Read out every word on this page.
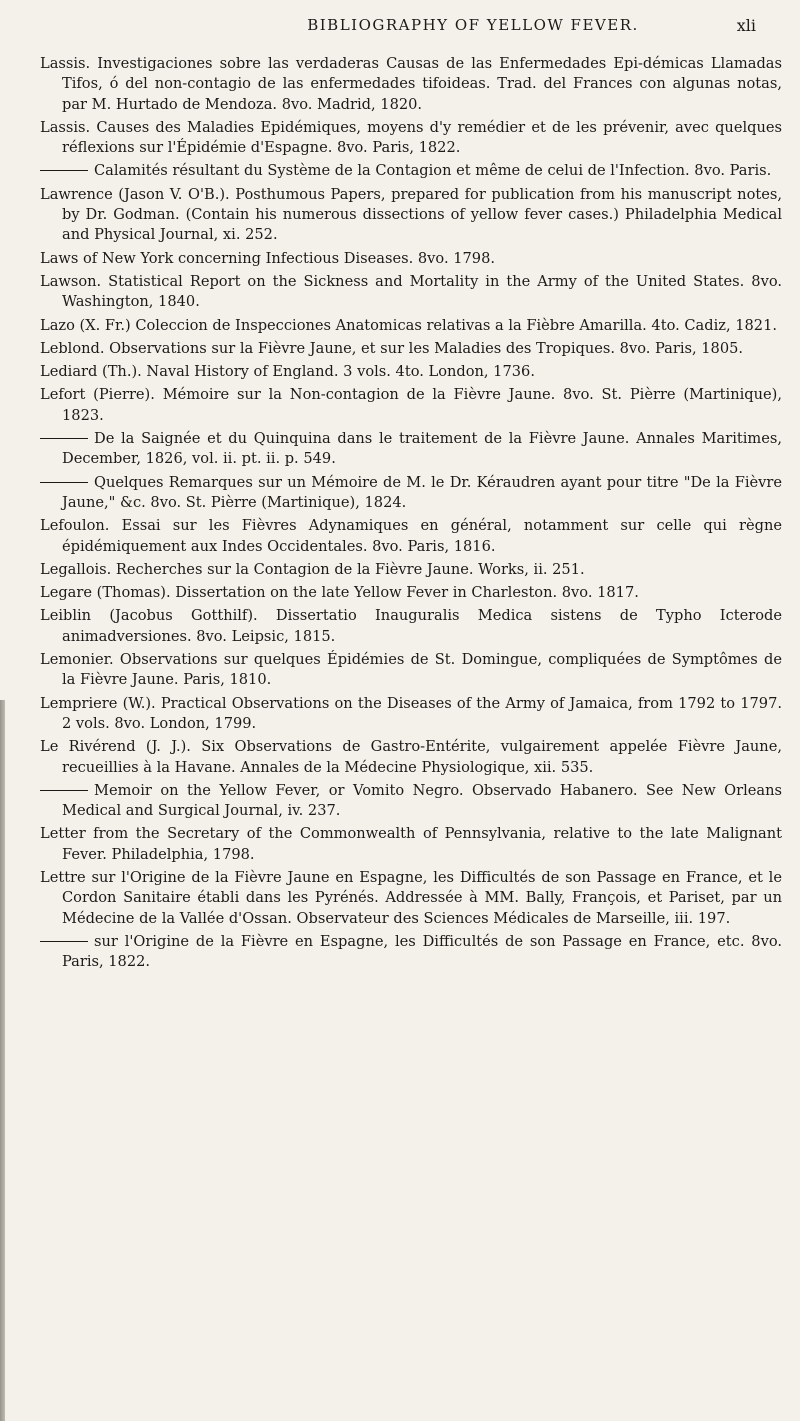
BIBLIOGRAPHY OF YELLOW FEVER.	xli

Lassis. Investigaciones sobre las verdaderas Causas de las Enfermedades Epi-démicas Llamadas Tifos, ó del non-contagio de las enfermedades tifoideas. Trad. del Frances con algunas notas, par M. Hurtado de Mendoza. 8vo. Madrid, 1820.

Lassis. Causes des Maladies Epidémiques, moyens d'y remédier et de les prévenir, avec quelques réflexions sur l'Épidémie d'Espagne. 8vo. Paris, 1822.

Calamités résultant du Système de la Contagion et même de celui de l'Infection. 8vo. Paris.

Lawrence (Jason V. O'B.). Posthumous Papers, prepared for publication from his manuscript notes, by Dr. Godman. (Contain his numerous dissections of yellow fever cases.) Philadelphia Medical and Physical Journal, xi. 252.

Laws of New York concerning Infectious Diseases. 8vo. 1798.

Lawson. Statistical Report on the Sickness and Mortality in the Army of the United States. 8vo. Washington, 1840.

Lazo (X. Fr.) Coleccion de Inspecciones Anatomicas relativas a la Fièbre Amarilla. 4to. Cadiz, 1821.

Leblond. Observations sur la Fièvre Jaune, et sur les Maladies des Tropiques. 8vo. Paris, 1805.

Lediard (Th.). Naval History of England. 3 vols. 4to. London, 1736.

Lefort (Pierre). Mémoire sur la Non-contagion de la Fièvre Jaune. 8vo. St. Pièrre (Martinique), 1823.

De la Saignée et du Quinquina dans le traitement de la Fièvre Jaune. Annales Maritimes, December, 1826, vol. ii. pt. ii. p. 549.

Quelques Remarques sur un Mémoire de M. le Dr. Kéraudren ayant pour titre "De la Fièvre Jaune," &c. 8vo. St. Pièrre (Martinique), 1824.

Lefoulon. Essai sur les Fièvres Adynamiques en général, notamment sur celle qui règne épidémiquement aux Indes Occidentales. 8vo. Paris, 1816.

Legallois. Recherches sur la Contagion de la Fièvre Jaune. Works, ii. 251.

Legare (Thomas). Dissertation on the late Yellow Fever in Charleston. 8vo. 1817.

Leiblin (Jacobus Gotthilf). Dissertatio Inauguralis Medica sistens de Typho Icterode animadversiones. 8vo. Leipsic, 1815.

Lemonier. Observations sur quelques Épidémies de St. Domingue, compliquées de Symptômes de la Fièvre Jaune. Paris, 1810.

Lempriere (W.). Practical Observations on the Diseases of the Army of Jamaica, from 1792 to 1797. 2 vols. 8vo. London, 1799.

Le Rivérend (J. J.). Six Observations de Gastro-Entérite, vulgairement appelée Fièvre Jaune, recueillies à la Havane. Annales de la Médecine Physiologique, xii. 535.

Memoir on the Yellow Fever, or Vomito Negro. Observado Habanero. See New Orleans Medical and Surgical Journal, iv. 237.

Letter from the Secretary of the Commonwealth of Pennsylvania, relative to the late Malignant Fever. Philadelphia, 1798.

Lettre sur l'Origine de la Fièvre Jaune en Espagne, les Difficultés de son Passage en France, et le Cordon Sanitaire établi dans les Pyrénés. Addressée à MM. Bally, François, et Pariset, par un Médecine de la Vallée d'Ossan. Observateur des Sciences Médicales de Marseille, iii. 197.

sur l'Origine de la Fièvre en Espagne, les Difficultés de son Passage en France, etc. 8vo. Paris, 1822.
